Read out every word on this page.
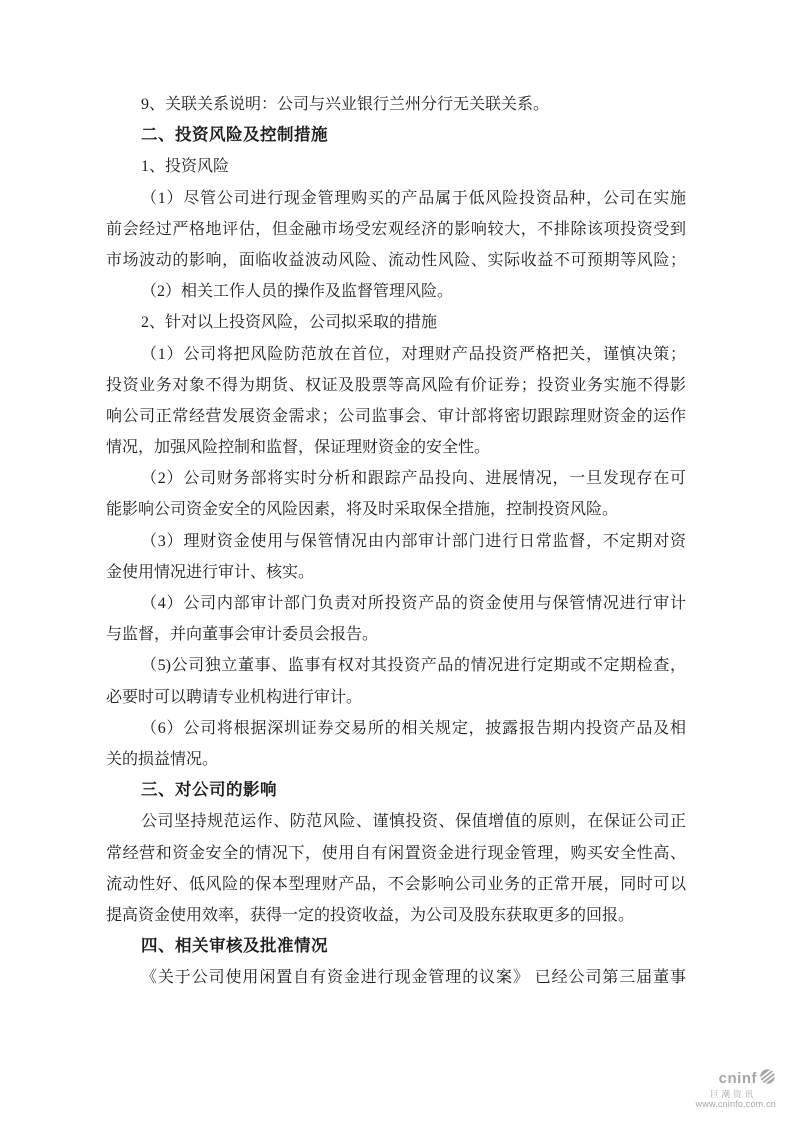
9、关联关系说明：公司与兴业银行兰州分行无关联关系。
二、投资风险及控制措施
1、投资风险
（1）尽管公司进行现金管理购买的产品属于低风险投资品种，公司在实施
前会经过严格地评估，但金融市场受宏观经济的影响较大，不排除该项投资受到
市场波动的影响，面临收益波动风险、流动性风险、实际收益不可预期等风险；
（2）相关工作人员的操作及监督管理风险。
2、针对以上投资风险，公司拟采取的措施
（1）公司将把风险防范放在首位，对理财产品投资严格把关，谨慎决策；
投资业务对象不得为期货、权证及股票等高风险有价证券；投资业务实施不得影
响公司正常经营发展资金需求；公司监事会、审计部将密切跟踪理财资金的运作
情况，加强风险控制和监督，保证理财资金的安全性。
（2）公司财务部将实时分析和跟踪产品投向、进展情况，一旦发现存在可
能影响公司资金安全的风险因素，将及时采取保全措施，控制投资风险。
（3）理财资金使用与保管情况由内部审计部门进行日常监督，不定期对资
金使用情况进行审计、核实。
（4）公司内部审计部门负责对所投资产品的资金使用与保管情况进行审计
与监督，并向董事会审计委员会报告。
（5)公司独立董事、监事有权对其投资产品的情况进行定期或不定期检查，
必要时可以聘请专业机构进行审计。
（6）公司将根据深圳证券交易所的相关规定，披露报告期内投资产品及相
关的损益情况。
三、对公司的影响
公司坚持规范运作、防范风险、谨慎投资、保值增值的原则，在保证公司正
常经营和资金安全的情况下，使用自有闲置资金进行现金管理，购买安全性高、
流动性好、低风险的保本型理财产品，不会影响公司业务的正常开展，同时可以
提高资金使用效率，获得一定的投资收益，为公司及股东获取更多的回报。
四、相关审核及批准情况
《关于公司使用闲置自有资金进行现金管理的议案》 已经公司第三届董事
cninf
巨潮资讯
www.cninfo.com.cn
